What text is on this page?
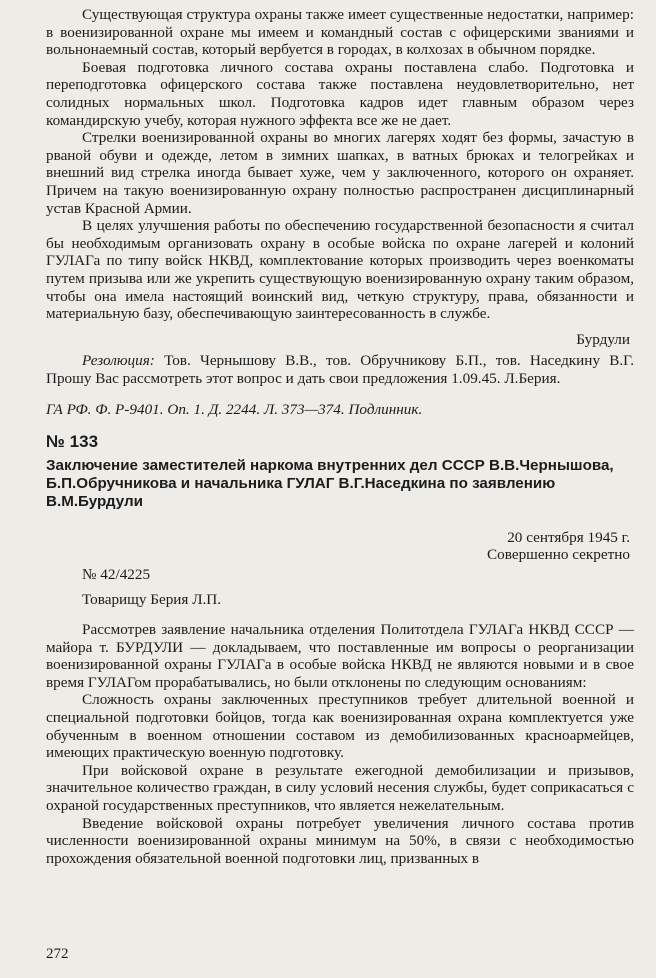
Существующая структура охраны также имеет существенные недостатки, например: в военизированной охране мы имеем и командный состав с офицерскими званиями и вольнонаемный состав, который вербуется в городах, в колхозах в обычном порядке.

Боевая подготовка личного состава охраны поставлена слабо. Подготовка и переподготовка офицерского состава также поставлена неудовлетворительно, нет солидных нормальных школ. Подготовка кадров идет главным образом через командирскую учебу, которая нужного эффекта все же не дает.

Стрелки военизированной охраны во многих лагерях ходят без формы, зачастую в рваной обуви и одежде, летом в зимних шапках, в ватных брюках и телогрейках и внешний вид стрелка иногда бывает хуже, чем у заключенного, которого он охраняет. Причем на такую военизированную охрану полностью распространен дисциплинарный устав Красной Армии.

В целях улучшения работы по обеспечению государственной безопасности я считал бы необходимым организовать охрану в особые войска по охране лагерей и колоний ГУЛАГа по типу войск НКВД, комплектование которых производить через военкоматы путем призыва или же укрепить существующую военизированную охрану таким образом, чтобы она имела настоящий воинский вид, четкую структуру, права, обязанности и материальную базу, обеспечивающую заинтересованность в службе.

Бурдули

Резолюция: Тов. Чернышову В.В., тов. Обручникову Б.П., тов. Наседкину В.Г. Прошу Вас рассмотреть этот вопрос и дать свои предложения 1.09.45. Л.Берия.

ГА РФ. Ф. Р-9401. Оп. 1. Д. 2244. Л. 373—374. Подлинник.

№ 133
Заключение заместителей наркома внутренних дел СССР В.В.Чернышова, Б.П.Обручникова и начальника ГУЛАГ В.Г.Наседкина по заявлению В.М.Бурдули

20 сентября 1945 г.
Совершенно секретно

№ 42/4225

Товарищу Берия Л.П.

Рассмотрев заявление начальника отделения Политотдела ГУЛАГа НКВД СССР — майора т. БУРДУЛИ — докладываем, что поставленные им вопросы о реорганизации военизированной охраны ГУЛАГа в особые войска НКВД не являются новыми и в свое время ГУЛАГом прорабатывались, но были отклонены по следующим основаниям:

Сложность охраны заключенных преступников требует длительной военной и специальной подготовки бойцов, тогда как военизированная охрана комплектуется уже обученным в военном отношении составом из демобилизованных красноармейцев, имеющих практическую военную подготовку.

При войсковой охране в результате ежегодной демобилизации и призывов, значительное количество граждан, в силу условий несения службы, будет соприкасаться с охраной государственных преступников, что является нежелательным.

Введение войсковой охраны потребует увеличения личного состава против численности военизированной охраны минимум на 50%, в связи с необходимостью прохождения обязательной военной подготовки лиц, призванных в

272
